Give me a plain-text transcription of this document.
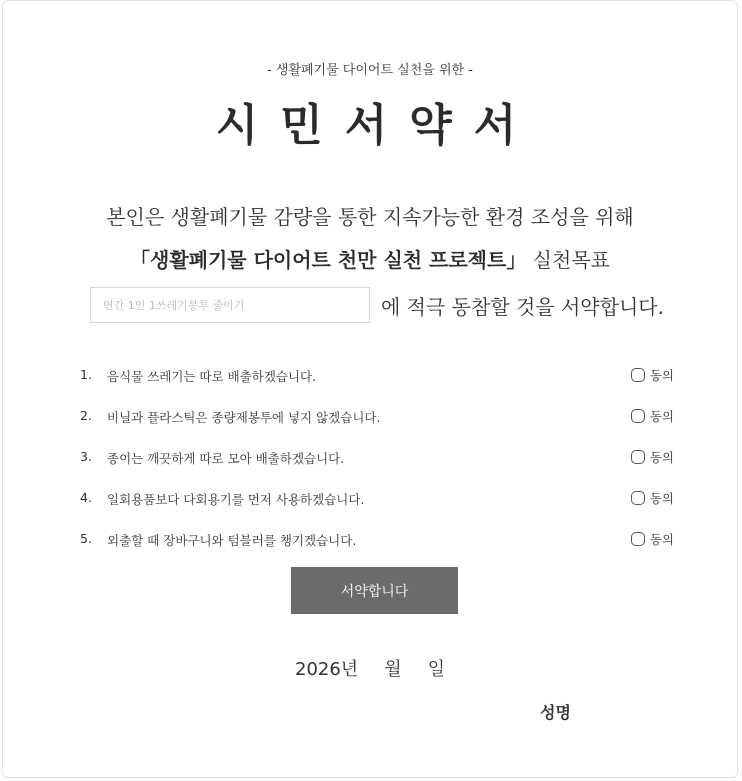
- 생활폐기물 다이어트 실천을 위한 -
시민서약서
본인은 생활폐기물 감량을 통한 지속가능한 환경 조성을 위해
「생활폐기물 다이어트 천만 실천 프로젝트」 실천목표
연간 1인 1쓰레기봉투 줄이기
에 적극 동참할 것을 서약합니다.
1.	음식물 쓰레기는 따로 배출하겠습니다.	동의
2.	비닐과 플라스틱은 종량제봉투에 넣지 않겠습니다.	동의
3.	종이는 깨끗하게 따로 모아 배출하겠습니다.	동의
4.	일회용품보다 다회용기를 먼저 사용하겠습니다.	동의
5.	외출할 때 장바구니와 텀블러를 챙기겠습니다.	동의
서약합니다
2026년 월 일
성명
